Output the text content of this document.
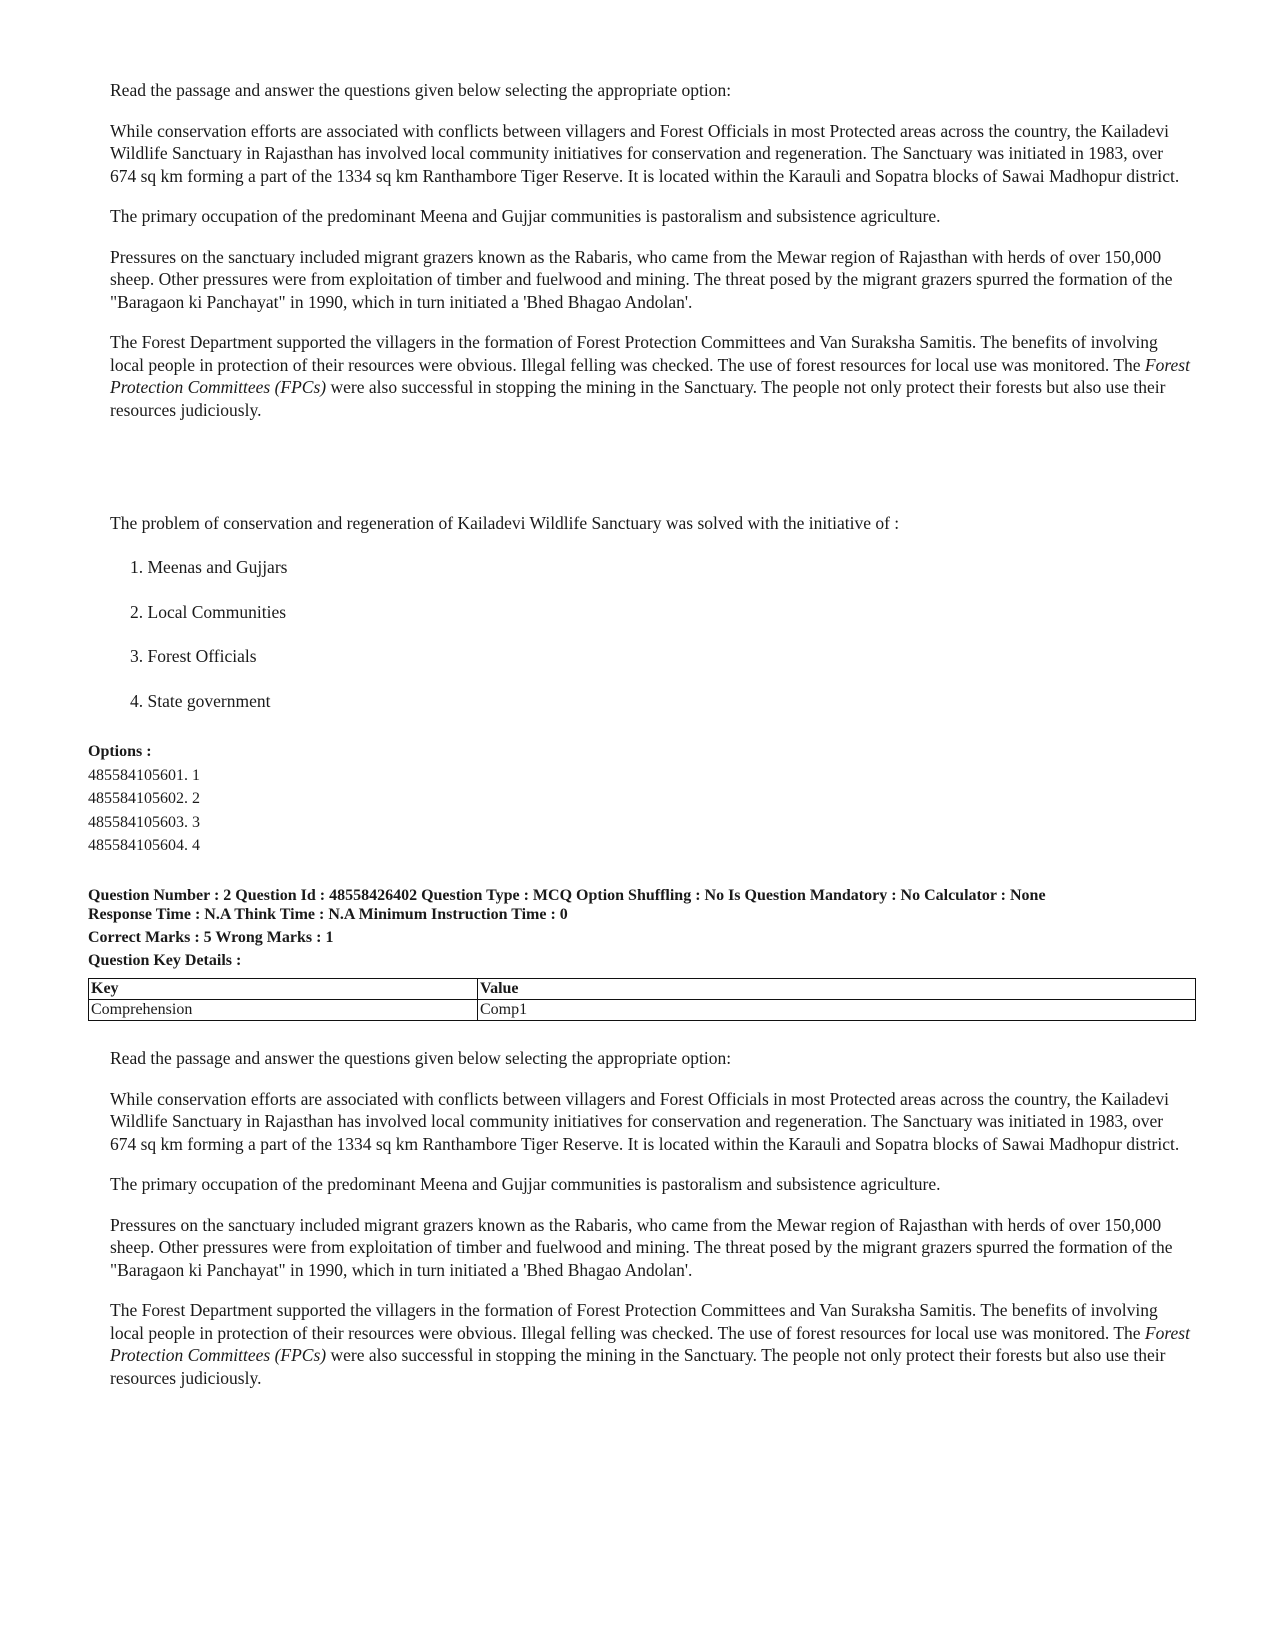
Read the passage and answer the questions given below selecting the appropriate option:

While conservation efforts are associated with conflicts between villagers and Forest Officials in most Protected areas across the country, the Kailadevi Wildlife Sanctuary in Rajasthan has involved local community initiatives for conservation and regeneration. The Sanctuary was initiated in 1983, over 674 sq km forming a part of the 1334 sq km Ranthambore Tiger Reserve. It is located within the Karauli and Sopatra blocks of Sawai Madhopur district.

The primary occupation of the predominant Meena and Gujjar communities is pastoralism and subsistence agriculture.

Pressures on the sanctuary included migrant grazers known as the Rabaris, who came from the Mewar region of Rajasthan with herds of over 150,000 sheep. Other pressures were from exploitation of timber and fuelwood and mining. The threat posed by the migrant grazers spurred the formation of the "Baragaon ki Panchayat" in 1990, which in turn initiated a 'Bhed Bhagao Andolan'.

The Forest Department supported the villagers in the formation of Forest Protection Committees and Van Suraksha Samitis. The benefits of involving local people in protection of their resources were obvious. Illegal felling was checked. The use of forest resources for local use was monitored. The Forest Protection Committees (FPCs) were also successful in stopping the mining in the Sanctuary. The people not only protect their forests but also use their resources judiciously.

The problem of conservation and regeneration of Kailadevi Wildlife Sanctuary was solved with the initiative of :
1. Meenas and Gujjars
2. Local Communities
3. Forest Officials
4. State government
Options :
485584105601. 1
485584105602. 2
485584105603. 3
485584105604. 4
Question Number : 2 Question Id : 48558426402 Question Type : MCQ Option Shuffling : No Is Question Mandatory : No Calculator : None
Response Time : N.A Think Time : N.A Minimum Instruction Time : 0
Correct Marks : 5 Wrong Marks : 1
Question Key Details :
Key	Value
Comprehension	Comp1

Read the passage and answer the questions given below selecting the appropriate option:

While conservation efforts are associated with conflicts between villagers and Forest Officials in most Protected areas across the country, the Kailadevi Wildlife Sanctuary in Rajasthan has involved local community initiatives for conservation and regeneration. The Sanctuary was initiated in 1983, over 674 sq km forming a part of the 1334 sq km Ranthambore Tiger Reserve. It is located within the Karauli and Sopatra blocks of Sawai Madhopur district.

The primary occupation of the predominant Meena and Gujjar communities is pastoralism and subsistence agriculture.

Pressures on the sanctuary included migrant grazers known as the Rabaris, who came from the Mewar region of Rajasthan with herds of over 150,000 sheep. Other pressures were from exploitation of timber and fuelwood and mining. The threat posed by the migrant grazers spurred the formation of the "Baragaon ki Panchayat" in 1990, which in turn initiated a 'Bhed Bhagao Andolan'.

The Forest Department supported the villagers in the formation of Forest Protection Committees and Van Suraksha Samitis. The benefits of involving local people in protection of their resources were obvious. Illegal felling was checked. The use of forest resources for local use was monitored. The Forest Protection Committees (FPCs) were also successful in stopping the mining in the Sanctuary. The people not only protect their forests but also use their resources judiciously.
